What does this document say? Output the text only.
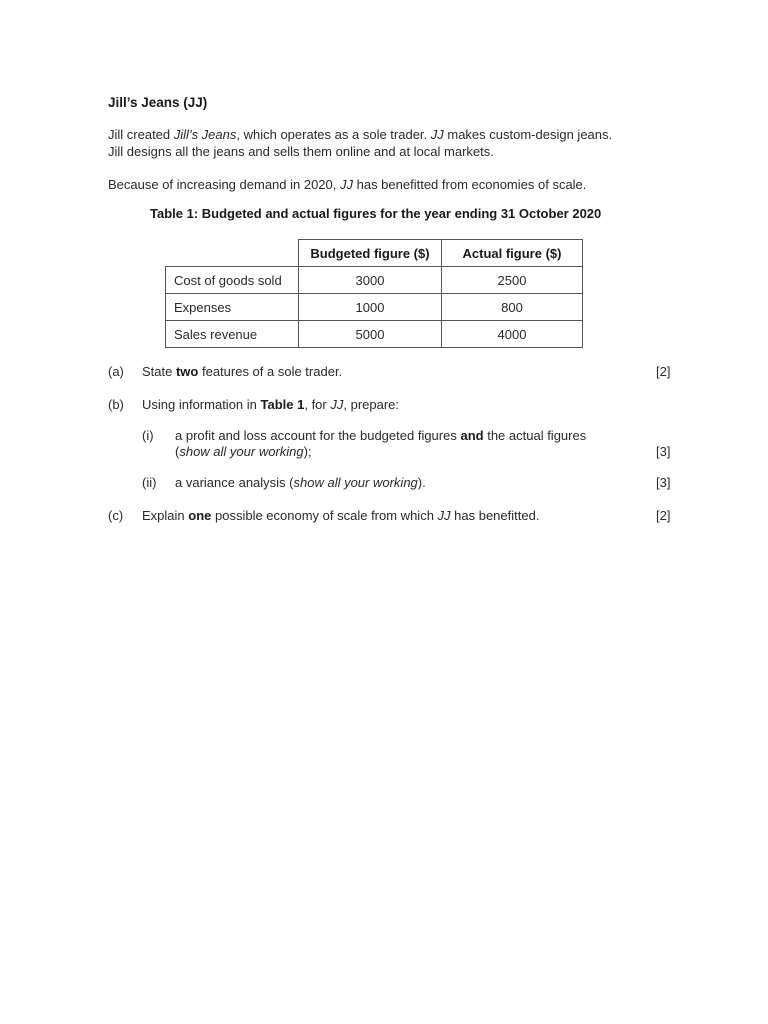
Jill’s Jeans (JJ)
Jill created Jill’s Jeans, which operates as a sole trader. JJ makes custom-design jeans.
Jill designs all the jeans and sells them online and at local markets.
Because of increasing demand in 2020, JJ has benefitted from economies of scale.
Table 1: Budgeted and actual figures for the year ending 31 October 2020
	Budgeted figure ($)	Actual figure ($)
Cost of goods sold	3000	2500
Expenses	1000	800
Sales revenue	5000	4000
(a) State two features of a sole trader.	[2]
(b) Using information in Table 1, for JJ, prepare:
(i) a profit and loss account for the budgeted figures and the actual figures
(show all your working);	[3]
(ii) a variance analysis (show all your working).	[3]
(c) Explain one possible economy of scale from which JJ has benefitted.	[2]
